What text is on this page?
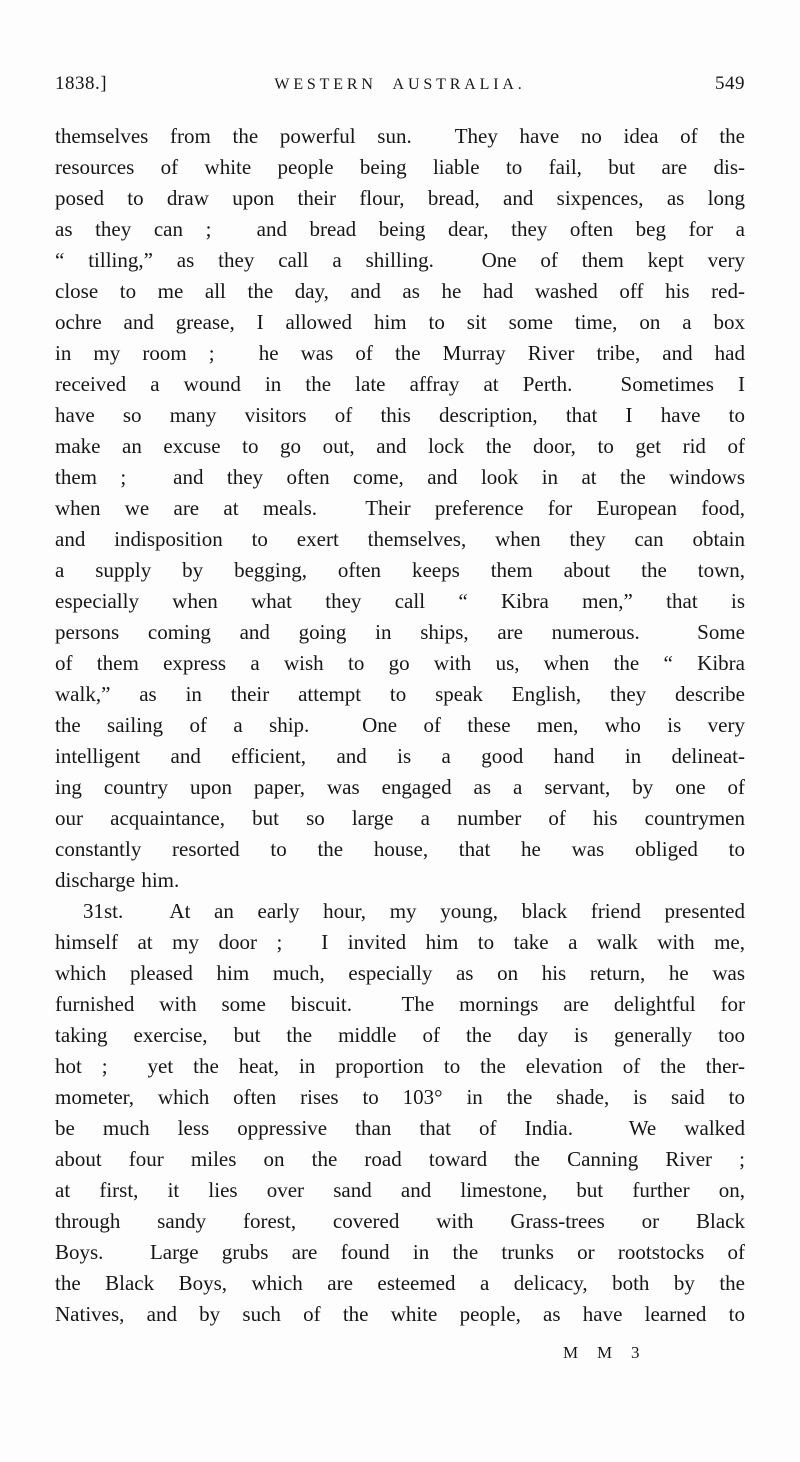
1838.]	WESTERN AUSTRALIA.	549
themselves from the powerful sun.  They have no idea of the
resources of white people being liable to fail, but are dis-
posed to draw upon their flour, bread, and sixpences, as long
as they can ;  and bread being dear, they often beg for a
“ tilling,” as they call a shilling.  One of them kept very
close to me all the day, and as he had washed off his red-
ochre and grease, I allowed him to sit some time, on a box
in my room ;  he was of the Murray River tribe, and had
received a wound in the late affray at Perth.  Sometimes I
have so many visitors of this description, that I have to
make an excuse to go out, and lock the door, to get rid of
them ;  and they often come, and look in at the windows
when we are at meals.  Their preference for European food,
and indisposition to exert themselves, when they can obtain
a supply by begging, often keeps them about the town,
especially when what they call “ Kibra men,” that is
persons coming and going in ships, are numerous.  Some
of them express a wish to go with us, when the “ Kibra
walk,” as in their attempt to speak English, they describe
the sailing of a ship.  One of these men, who is very
intelligent and efficient, and is a good hand in delineat-
ing country upon paper, was engaged as a servant, by one of
our acquaintance, but so large a number of his countrymen
constantly resorted to the house, that he was obliged to
discharge him.
31st.  At an early hour, my young, black friend presented
himself at my door ;  I invited him to take a walk with me,
which pleased him much, especially as on his return, he was
furnished with some biscuit.  The mornings are delightful for
taking exercise, but the middle of the day is generally too
hot ;  yet the heat, in proportion to the elevation of the ther-
mometer, which often rises to 103° in the shade, is said to
be much less oppressive than that of India.  We walked
about four miles on the road toward the Canning River ;
at first, it lies over sand and limestone, but further on,
through sandy forest, covered with Grass-trees or Black
Boys.  Large grubs are found in the trunks or rootstocks of
the Black Boys, which are esteemed a delicacy, both by the
Natives, and by such of the white people, as have learned to
M M 3
